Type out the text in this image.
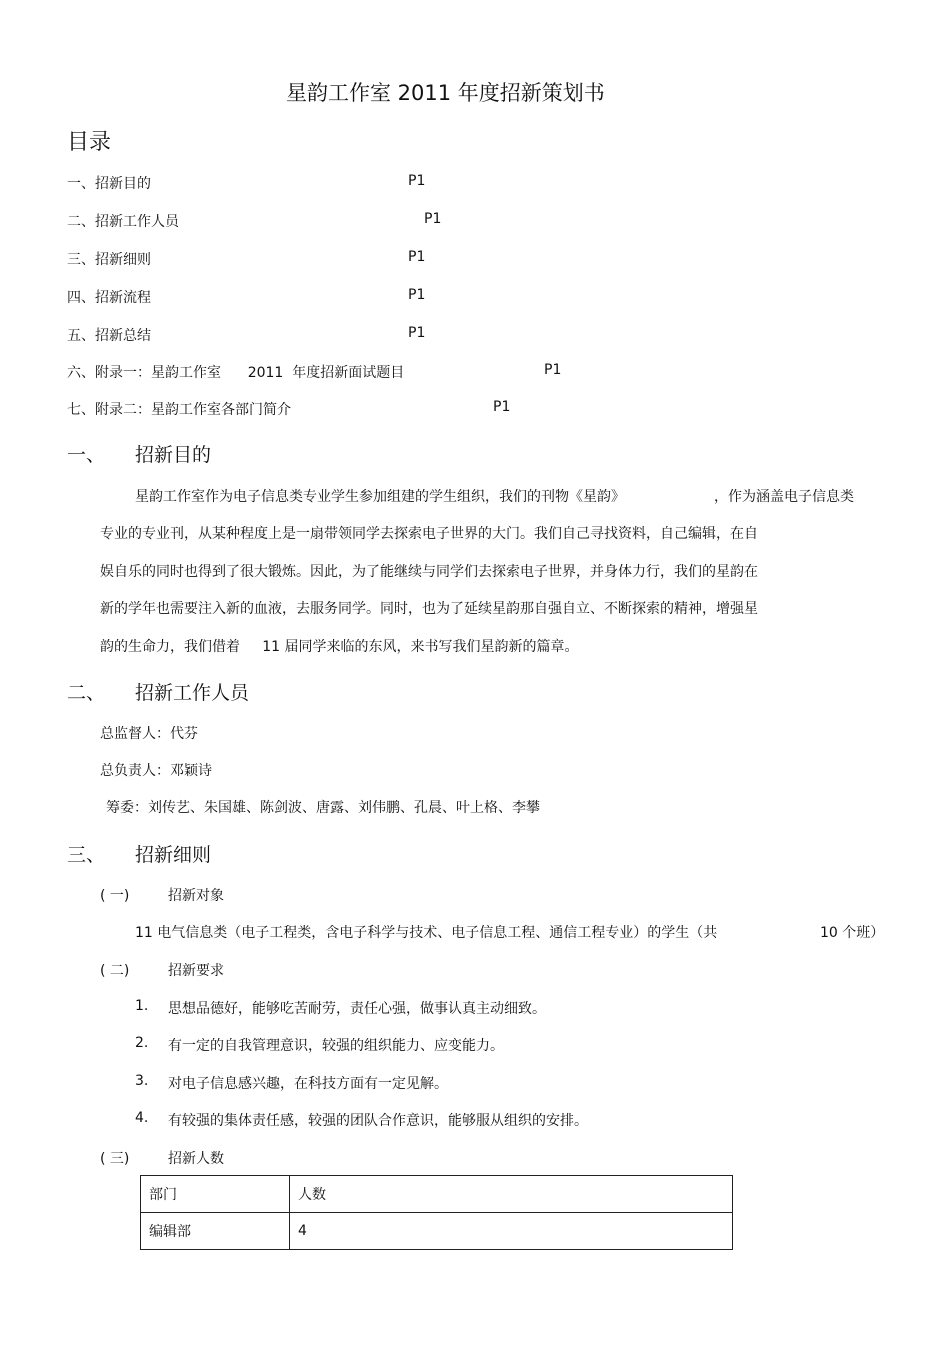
星韵工作室 2011 年度招新策划书
目录
一、招新目的	P1
二、招新工作人员	P1
三、招新细则	P1
四、招新流程	P1
五、招新总结	P1
六、附录一：星韵工作室      2011  年度招新面试题目	P1
七、附录二：星韵工作室各部门简介	P1
一、 招新目的
星韵工作室作为电子信息类专业学生参加组建的学生组织，我们的刊物《星韵》	，作为涵盖电子信息类
专业的专业刊，从某种程度上是一扇带领同学去探索电子世界的大门。我们自己寻找资料，自己编辑，在自
娱自乐的同时也得到了很大锻炼。因此，为了能继续与同学们去探索电子世界，并身体力行，我们的星韵在
新的学年也需要注入新的血液，去服务同学。同时，也为了延续星韵那自强自立、不断探索的精神，增强星
韵的生命力，我们借着     11 届同学来临的东风，来书写我们星韵新的篇章。
二、 招新工作人员
总监督人：代芬
总负责人：邓颖诗
筹委：刘传艺、朱国雄、陈剑波、唐露、刘伟鹏、孔晨、叶上格、李攀
三、 招新细则
( 一)	招新对象
11 电气信息类（电子工程类，含电子科学与技术、电子信息工程、通信工程专业）的学生（共	10 个班）
( 二)	招新要求
1. 思想品德好，能够吃苦耐劳，责任心强，做事认真主动细致。
2. 有一定的自我管理意识，较强的组织能力、应变能力。
3. 对电子信息感兴趣，在科技方面有一定见解。
4. 有较强的集体责任感，较强的团队合作意识，能够服从组织的安排。
( 三)	招新人数
部门	人数
编辑部	4
